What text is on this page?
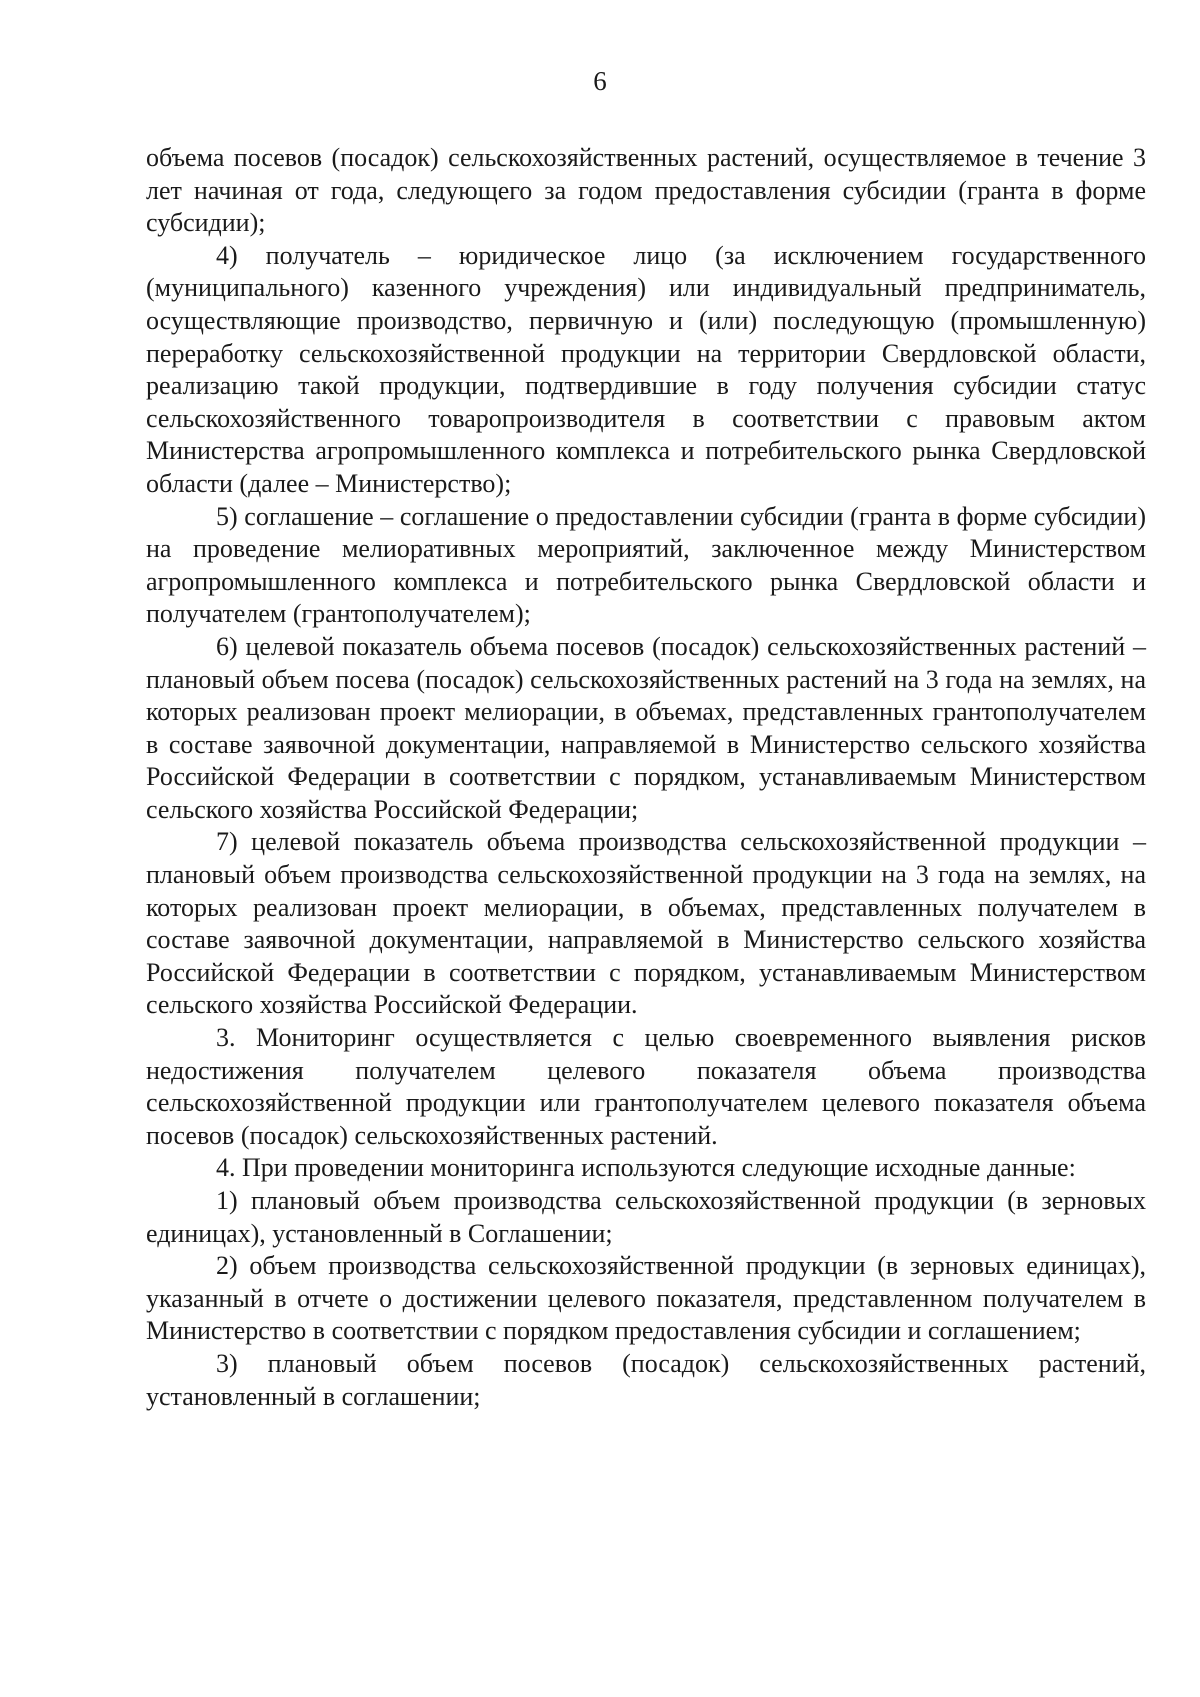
6

объема посевов (посадок) сельскохозяйственных растений, осуществляемое в течение 3 лет начиная от года, следующего за годом предоставления субсидии (гранта в форме субсидии);

4) получатель – юридическое лицо (за исключением государственного (муниципального) казенного учреждения) или индивидуальный предприниматель, осуществляющие производство, первичную и (или) последующую (промышленную) переработку сельскохозяйственной продукции на территории Свердловской области, реализацию такой продукции, подтвердившие в году получения субсидии статус сельскохозяйственного товаропроизводителя в соответствии с правовым актом Министерства агропромышленного комплекса и потребительского рынка Свердловской области (далее – Министерство);

5) соглашение – соглашение о предоставлении субсидии (гранта в форме субсидии) на проведение мелиоративных мероприятий, заключенное между Министерством агропромышленного комплекса и потребительского рынка Свердловской области и получателем (грантополучателем);

6) целевой показатель объема посевов (посадок) сельскохозяйственных растений – плановый объем посева (посадок) сельскохозяйственных растений на 3 года на землях, на которых реализован проект мелиорации, в объемах, представленных грантополучателем в составе заявочной документации, направляемой в Министерство сельского хозяйства Российской Федерации в соответствии с порядком, устанавливаемым Министерством сельского хозяйства Российской Федерации;

7) целевой показатель объема производства сельскохозяйственной продукции – плановый объем производства сельскохозяйственной продукции на 3 года на землях, на которых реализован проект мелиорации, в объемах, представленных получателем в составе заявочной документации, направляемой в Министерство сельского хозяйства Российской Федерации в соответствии с порядком, устанавливаемым Министерством сельского хозяйства Российской Федерации.

3. Мониторинг осуществляется с целью своевременного выявления рисков недостижения получателем целевого показателя объема производства сельскохозяйственной продукции или грантополучателем целевого показателя объема посевов (посадок) сельскохозяйственных растений.

4. При проведении мониторинга используются следующие исходные данные:

1) плановый объем производства сельскохозяйственной продукции (в зерновых единицах), установленный в Соглашении;

2) объем производства сельскохозяйственной продукции (в зерновых единицах), указанный в отчете о достижении целевого показателя, представленном получателем в Министерство в соответствии с порядком предоставления субсидии и соглашением;

3) плановый объем посевов (посадок) сельскохозяйственных растений, установленный в соглашении;
